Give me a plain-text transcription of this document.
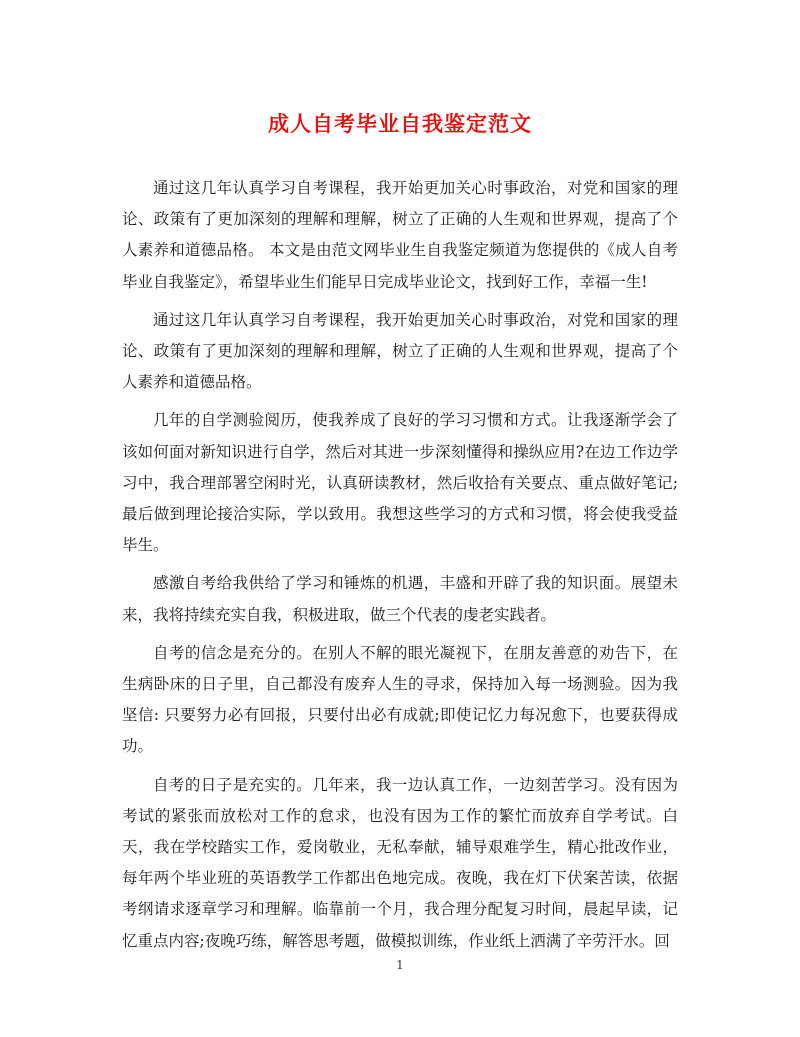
成人自考毕业自我鉴定范文

通过这几年认真学习自考课程，我开始更加关心时事政治，对党和国家的理论、政策有了更加深刻的理解和理解，树立了正确的人生观和世界观，提高了个人素养和道德品格。 本文是由范文网毕业生自我鉴定频道为您提供的《成人自考毕业自我鉴定》，希望毕业生们能早日完成毕业论文，找到好工作，幸福一生!

通过这几年认真学习自考课程，我开始更加关心时事政治，对党和国家的理论、政策有了更加深刻的理解和理解，树立了正确的人生观和世界观，提高了个人素养和道德品格。

几年的自学测验阅历，使我养成了良好的学习习惯和方式。让我逐渐学会了该如何面对新知识进行自学，然后对其进一步深刻懂得和操纵应用?在边工作边学习中，我合理部署空闲时光，认真研读教材，然后收拾有关要点、重点做好笔记;最后做到理论接洽实际，学以致用。我想这些学习的方式和习惯，将会使我受益毕生。

感激自考给我供给了学习和锤炼的机遇，丰盛和开辟了我的知识面。展望未来，我将持续充实自我，积极进取，做三个代表的虔老实践者。

自考的信念是充分的。在别人不解的眼光凝视下，在朋友善意的劝告下，在生病卧床的日子里，自己都没有废弃人生的寻求，保持加入每一场测验。因为我坚信: 只要努力必有回报，只要付出必有成就;即使记忆力每况愈下，也要获得成功。

自考的日子是充实的。几年来，我一边认真工作，一边刻苦学习。没有因为考试的紧张而放松对工作的怠求，也没有因为工作的繁忙而放弃自学考试。白天，我在学校踏实工作，爱岗敬业，无私奉献，辅导艰难学生，精心批改作业，每年两个毕业班的英语教学工作都出色地完成。夜晚，我在灯下伏案苦读，依据考纲请求逐章学习和理解。临靠前一个月，我合理分配复习时间，晨起早读，记忆重点内容;夜晚巧练，解答思考题，做模拟训练，作业纸上洒满了辛劳汗水。回

1
